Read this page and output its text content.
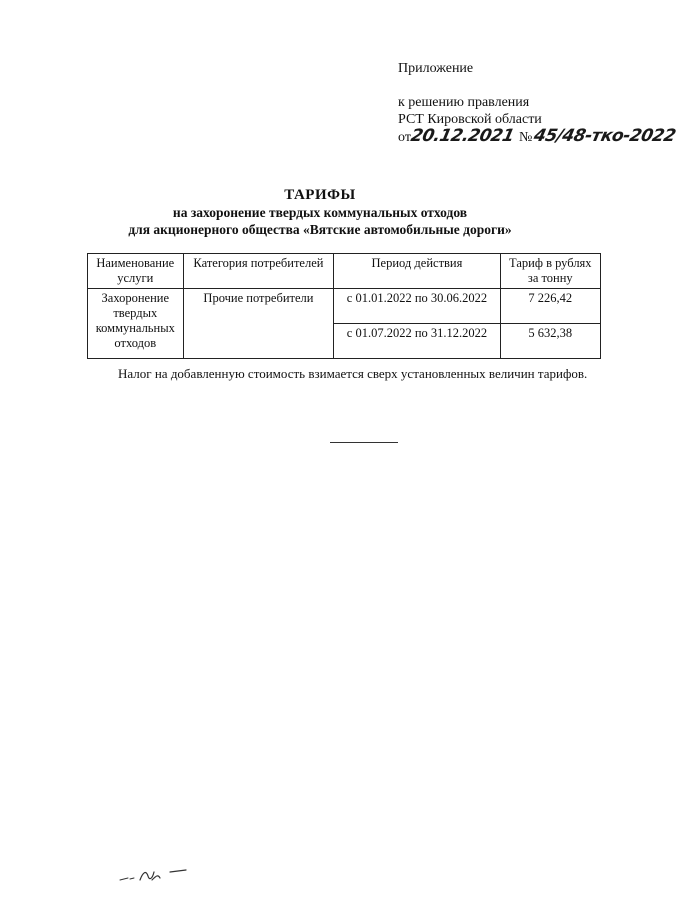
Приложение
к решению правления
РСТ Кировской области
от20.12.2021 №45/48-тко-2022
ТАРИФЫ
на захоронение твердых коммунальных отходов
для акционерного общества «Вятские автомобильные дороги»
Наименование услуги	Категория потребителей	Период действия	Тариф в рублях за тонну
Захоронение твердых коммунальных отходов	Прочие потребители	с 01.01.2022 по 30.06.2022	7 226,42
		с 01.07.2022 по 31.12.2022	5 632,38
Налог на добавленную стоимость взимается сверх установленных величин тарифов.
